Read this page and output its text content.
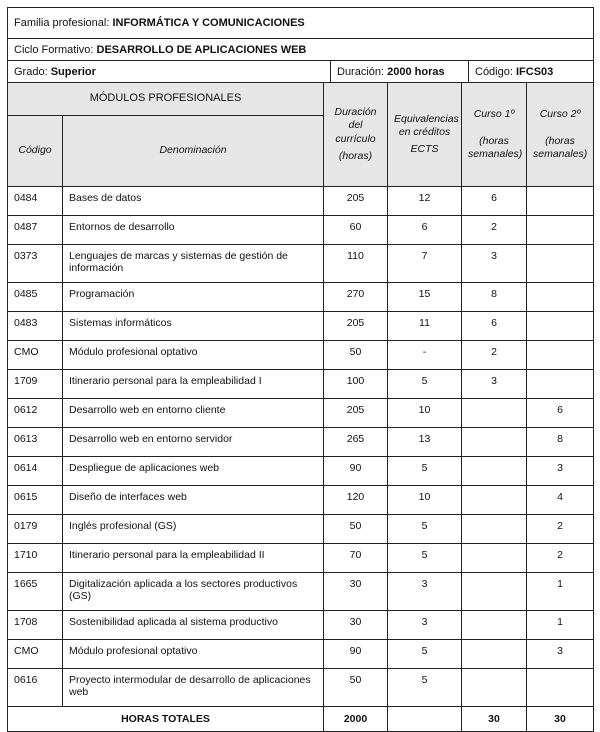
Familia profesional: INFORMÁTICA Y COMUNICACIONES
Ciclo Formativo: DESARROLLO DE APLICACIONES WEB
Grado: Superior	Duración: 2000 horas	Código: IFCS03
MÓDULOS PROFESIONALES	
Duración
del
currículo
(horas)

Equivalencias
en créditos
ECTS

Curso 1º
(horas
semanales)

Curso 2º
(horas
semanales)

Código	Denominación				
0484	Bases de datos	205	12	6	
0487	Entornos de desarrollo	60	6	2	
0373	Lenguajes de marcas y sistemas de gestión de información	110	7	3	
0485	Programación	270	15	8	
0483	Sistemas informáticos	205	11	6	
CMO	Módulo profesional optativo	50	-	2	
1709	Itinerario personal para la empleabilidad I	100	5	3	
0612	Desarrollo web en entorno cliente	205	10		6
0613	Desarrollo web en entorno servidor	265	13		8
0614	Despliegue de aplicaciones web	90	5		3
0615	Diseño de interfaces web	120	10		4
0179	Inglés profesional (GS)	50	5		2
1710	Itinerario personal para la empleabilidad II	70	5		2
1665	Digitalización aplicada a los sectores productivos (GS)	30	3		1
1708	Sostenibilidad aplicada al sistema productivo	30	3		1
CMO	Módulo profesional optativo	90	5		3
0616	Proyecto intermodular de desarrollo de aplicaciones web	50	5		
HORAS TOTALES		2000		30	30
